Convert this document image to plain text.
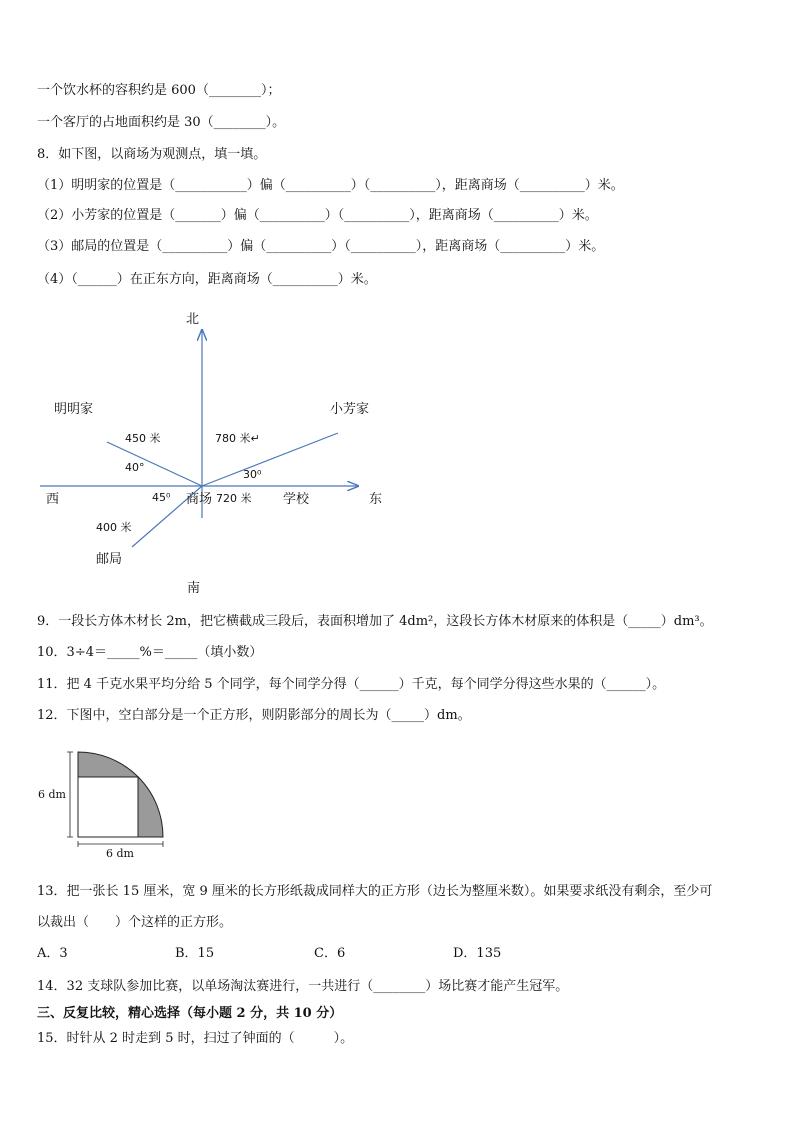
一个饮水杯的容积约是 600（________）；
一个客厅的占地面积约是 30（________）。
8．如下图，以商场为观测点，填一填。
（1）明明家的位置是（___________）偏（__________）（__________），距离商场（__________）米。
（2）小芳家的位置是（_______）偏（__________）（__________），距离商场（__________）米。
（3）邮局的位置是（__________）偏（__________）（__________），距离商场（__________）米。
（4）（______）在正东方向，距离商场（__________）米。
北
西	东
南
明明家	小芳家
450 米
40°
780 米↵
30⁰
45⁰ 商场 720 米 学校
400 米
邮局
9．一段长方体木材长 2m，把它横截成三段后，表面积增加了 4dm²，这段长方体木材原来的体积是（_____）dm³。
10．3÷4＝_____%＝_____（填小数）
11．把 4 千克水果平均分给 5 个同学，每个同学分得（______）千克，每个同学分得这些水果的（______）。
12．下图中，空白部分是一个正方形，则阴影部分的周长为（_____）dm。
6 dm
6 dm
13．把一张长 15 厘米，宽 9 厘米的长方形纸裁成同样大的正方形（边长为整厘米数）。如果要求纸没有剩余，至少可
以裁出（　　）个这样的正方形。
A．3	B．15	C．6	D．135
14．32 支球队参加比赛，以单场淘汰赛进行，一共进行（________）场比赛才能产生冠军。
三、反复比较，精心选择（每小题 2 分，共 10 分）
15．时针从 2 时走到 5 时，扫过了钟面的（　　　）。
